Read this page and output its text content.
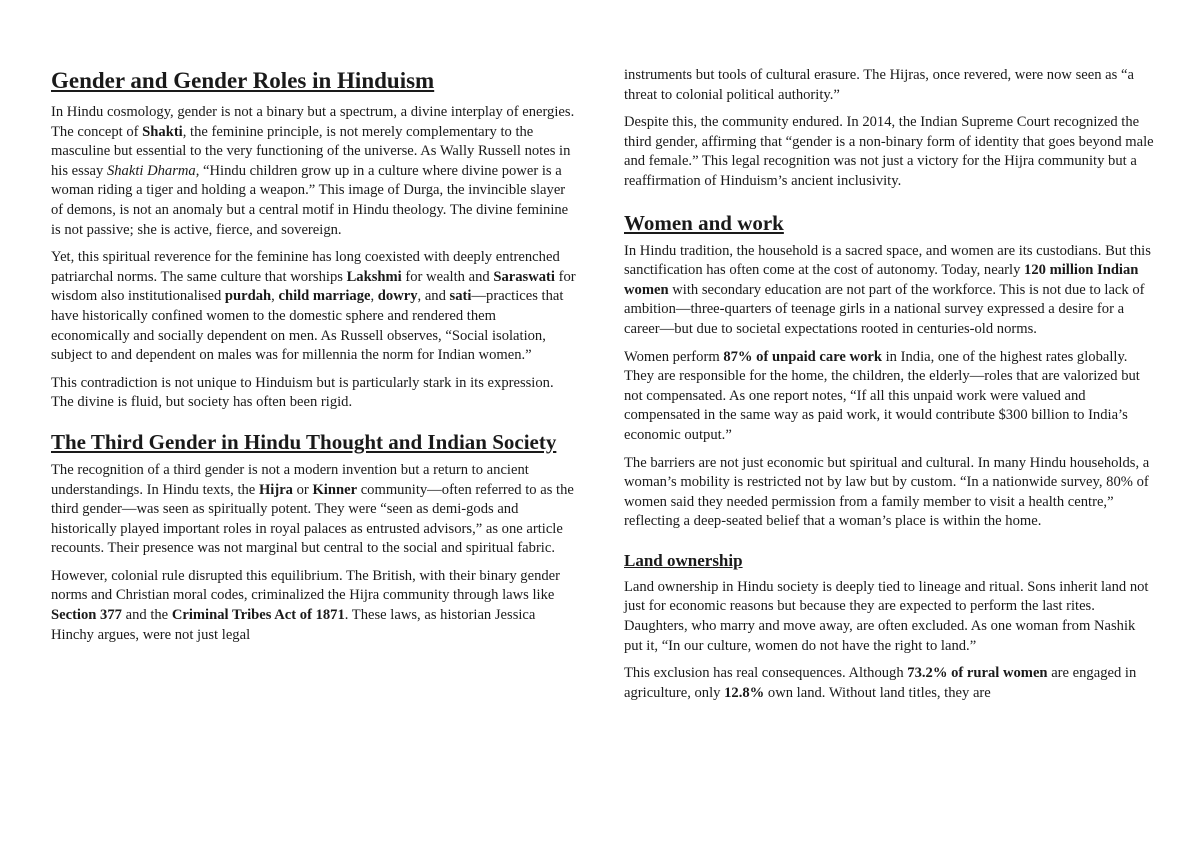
Gender and Gender Roles in Hinduism

In Hindu cosmology, gender is not a binary but a spectrum, a divine interplay of energies. The concept of Shakti, the feminine principle, is not merely complementary to the masculine but essential to the very functioning of the universe. As Wally Russell notes in his essay Shakti Dharma, “Hindu children grow up in a culture where divine power is a woman riding a tiger and holding a weapon.” This image of Durga, the invincible slayer of demons, is not an anomaly but a central motif in Hindu theology. The divine feminine is not passive; she is active, fierce, and sovereign.

Yet, this spiritual reverence for the feminine has long coexisted with deeply entrenched patriarchal norms. The same culture that worships Lakshmi for wealth and Saraswati for wisdom also institutionalised purdah, child marriage, dowry, and sati—practices that have historically confined women to the domestic sphere and rendered them economically and socially dependent on men. As Russell observes, “Social isolation, subject to and dependent on males was for millennia the norm for Indian women.”

This contradiction is not unique to Hinduism but is particularly stark in its expression. The divine is fluid, but society has often been rigid.

The Third Gender in Hindu Thought and Indian Society

The recognition of a third gender is not a modern invention but a return to ancient understandings. In Hindu texts, the Hijra or Kinner community—often referred to as the third gender—was seen as spiritually potent. They were “seen as demi-gods and historically played important roles in royal palaces as entrusted advisors,” as one article recounts. Their presence was not marginal but central to the social and spiritual fabric.

However, colonial rule disrupted this equilibrium. The British, with their binary gender norms and Christian moral codes, criminalized the Hijra community through laws like Section 377 and the Criminal Tribes Act of 1871. These laws, as historian Jessica Hinchy argues, were not just legal

instruments but tools of cultural erasure. The Hijras, once revered, were now seen as “a threat to colonial political authority.”

Despite this, the community endured. In 2014, the Indian Supreme Court recognized the third gender, affirming that “gender is a non-binary form of identity that goes beyond male and female.” This legal recognition was not just a victory for the Hijra community but a reaffirmation of Hinduism’s ancient inclusivity.

Women and work

In Hindu tradition, the household is a sacred space, and women are its custodians. But this sanctification has often come at the cost of autonomy. Today, nearly 120 million Indian women with secondary education are not part of the workforce. This is not due to lack of ambition—three-quarters of teenage girls in a national survey expressed a desire for a career—but due to societal expectations rooted in centuries-old norms.

Women perform 87% of unpaid care work in India, one of the highest rates globally. They are responsible for the home, the children, the elderly—roles that are valorized but not compensated. As one report notes, “If all this unpaid work were valued and compensated in the same way as paid work, it would contribute $300 billion to India’s economic output.”

The barriers are not just economic but spiritual and cultural. In many Hindu households, a woman’s mobility is restricted not by law but by custom. “In a nationwide survey, 80% of women said they needed permission from a family member to visit a health centre,” reflecting a deep-seated belief that a woman’s place is within the home.

Land ownership

Land ownership in Hindu society is deeply tied to lineage and ritual. Sons inherit land not just for economic reasons but because they are expected to perform the last rites. Daughters, who marry and move away, are often excluded. As one woman from Nashik put it, “In our culture, women do not have the right to land.”

This exclusion has real consequences. Although 73.2% of rural women are engaged in agriculture, only 12.8% own land. Without land titles, they are
